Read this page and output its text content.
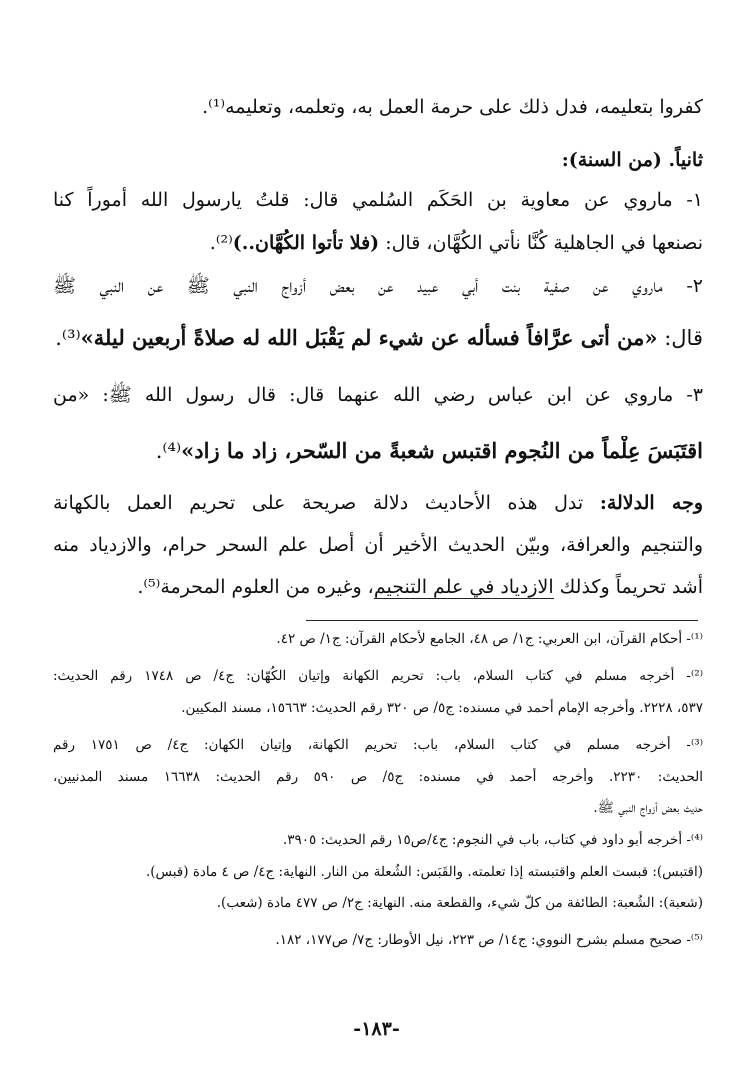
كفروا بتعليمه، فدل ذلك على حرمة العمل به، وتعلمه، وتعليمه⁽¹⁾.
ثانياً. (من السنة):
١- ماروي عن معاوية بن الحَكَم السُلمي قال: قلتُ يارسول الله أموراً كنا
نصنعها في الجاهلية كُنَّا نأتي الكُهَّان، قال: (فلا تأتوا الكُهَّان..)⁽²⁾.
٢- ماروي عن صفية بنت أبي عبيد عن بعض أزواج النبي ﷺ عن النبي ﷺ
قال: «من أتى عرَّافاً فسأله عن شيء لم يَقْبَل الله له صلاةً أربعين ليلة»⁽³⁾.
٣- ماروي عن ابن عباس رضي الله عنهما قال: قال رسول الله ﷺ: «من
اقتَبَسَ عِلْماً من النُجوم اقتبس شعبةً من السّحر، زاد ما زاد»⁽⁴⁾.
وجه الدلالة: تدل هذه الأحاديث دلالة صريحة على تحريم العمل بالكهانة
والتنجيم والعرافة، وبيّن الحديث الأخير أن أصل علم السحر حرام، والازدياد منه
أشد تحريماً وكذلك الازدياد في علم التنجيم، وغيره من العلوم المحرمة⁽⁵⁾.
⁽¹⁾- أحكام القرآن، ابن العربي: ج١/ ص ٤٨، الجامع لأحكام القرآن: ج١/ ص ٤٢.
⁽²⁾- أخرجه مسلم في كتاب السلام، باب: تحريم الكهانة وإتيان الكُهّان: ج٤/ ص ١٧٤٨ رقم الحديث:
٥٣٧، ٢٢٢٨. وأخرجه الإمام أحمد في مسنده: ج٥/ ص ٣٢٠ رقم الحديث: ١٥٦٦٣، مسند المكيين.
⁽³⁾- أخرجه مسلم في كتاب السلام، باب: تحريم الكهانة، وإتيان الكهان: ج٤/ ص ١٧٥١ رقم
الحديث: ٢٢٣٠. وأخرجه أحمد في مسنده: ج٥/ ص ٥٩٠ رقم الحديث: ١٦٦٣٨ مسند المدنيين،
حديث بعض أزواج النبي ﷺ.
⁽⁴⁾- أخرجه أبو داود في كتاب، باب في النجوم: ج٤/ص١٥ رقم الحديث: ٣٩٠٥.
(اقتبس): قبست العلم واقتبسته إذا تعلمته. والقَبَس: الشُعلة من النار. النهاية: ج٤/ ص ٤ مادة (قبس).
(شعبة): الشُعبة: الطائفة من كلّ شيء، والقطعة منه. النهاية: ج٢/ ص ٤٧٧ مادة (شعب).
⁽⁵⁾- صحيح مسلم بشرح النووي: ج١٤/ ص ٢٢٣، نيل الأوطار: ج٧/ ص١٧٧، ١٨٢.
-١٨٣-
